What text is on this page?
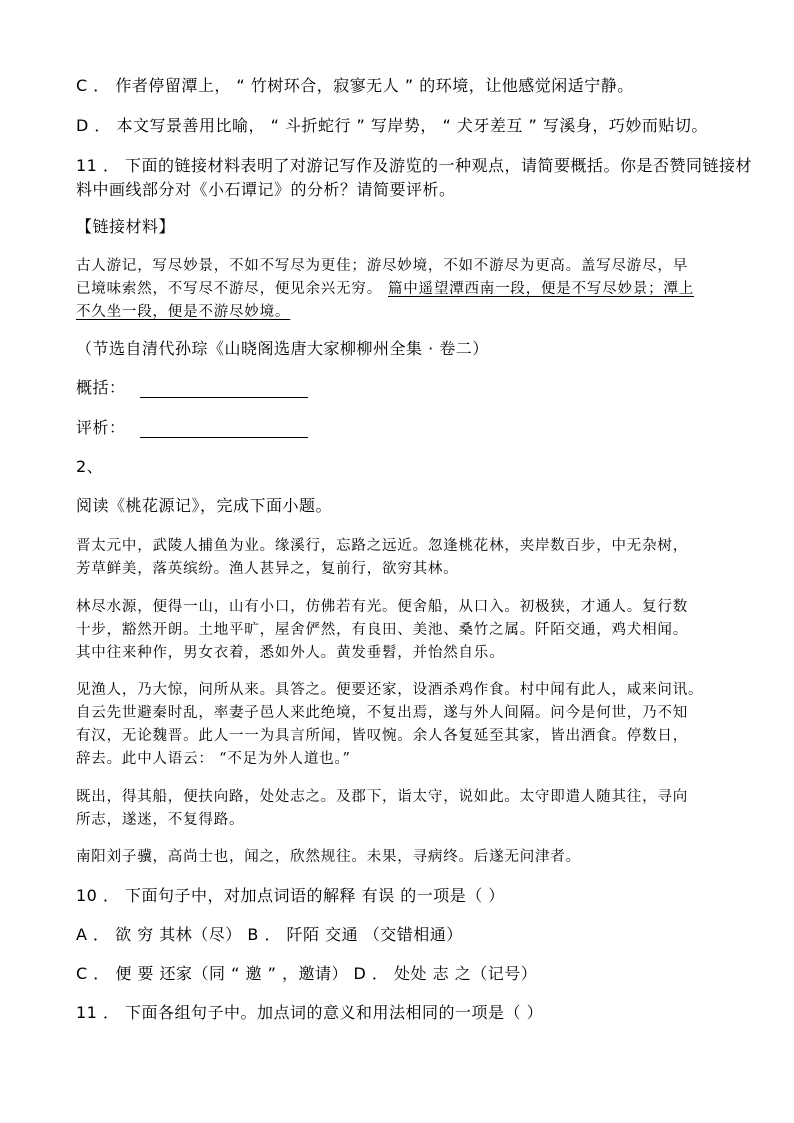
C ． 作者停留潭上， “ 竹树环合，寂寥无人 ” 的环境，让他感觉闲适宁静。
D ． 本文写景善用比喻， “ 斗折蛇行 ” 写岸势， “ 犬牙差互 ” 写溪身，巧妙而贴切。
11 ． 下面的链接材料表明了对游记写作及游览的一种观点，请简要概括。你是否赞同链接材
料中画线部分对《小石谭记》的分析？请简要评析。
【链接材料】
古人游记，写尽妙景，不如不写尽为更佳；游尽妙境，不如不游尽为更高。盖写尽游尽，早
已境味索然，不写尽不游尽，便见余兴无穷。 篇中遥望潭西南一段，便是不写尽妙景；潭上
不久坐一段，便是不游尽妙境。
（节选自清代孙琮《山晓阁选唐大家柳柳州全集 · 卷二）
概括：
评析：
2、
阅读《桃花源记》，完成下面小题。
晋太元中，武陵人捕鱼为业。缘溪行，忘路之远近。忽逢桃花林，夹岸数百步，中无杂树，
芳草鲜美，落英缤纷。渔人甚异之，复前行，欲穷其林。
林尽水源，便得一山，山有小口，仿佛若有光。便舍船，从口入。初极狭，才通人。复行数
十步，豁然开朗。土地平旷，屋舍俨然，有良田、美池、桑竹之属。阡陌交通，鸡犬相闻。
其中往来种作，男女衣着，悉如外人。黄发垂髫，并怡然自乐。
见渔人，乃大惊，问所从来。具答之。便要还家，设酒杀鸡作食。村中闻有此人，咸来问讯。
自云先世避秦时乱，率妻子邑人来此绝境，不复出焉，遂与外人间隔。问今是何世，乃不知
有汉，无论魏晋。此人一一为具言所闻，皆叹惋。余人各复延至其家，皆出酒食。停数日，
辞去。此中人语云： “不足为外人道也。”
既出，得其船，便扶向路，处处志之。及郡下，诣太守，说如此。太守即遣人随其往，寻向
所志，遂迷，不复得路。
南阳刘子骥，高尚士也，闻之，欣然规往。未果，寻病终。后遂无问津者。
10 ． 下面句子中，对加点词语的解释 有误 的一项是（ ）
A ． 欲 穷 其林（尽） B ． 阡陌 交通 （交错相通）
C ． 便 要 还家（同 “ 邀 ” ，邀请） D ． 处处 志 之（记号）
11 ． 下面各组句子中。加点词的意义和用法相同的一项是（ ）
